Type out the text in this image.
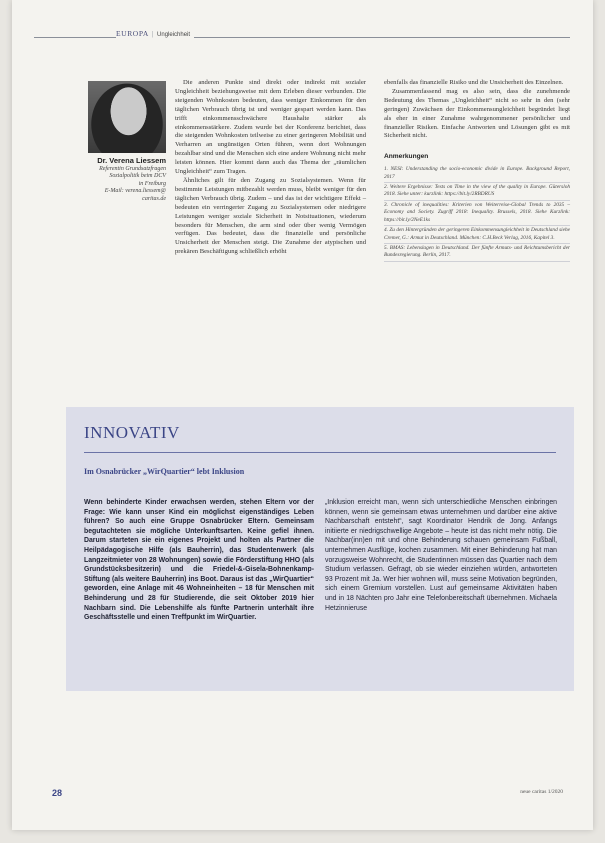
EUROPA | Ungleichheit
Dr. Verena Liessem
Referentin Grundsatzfragen
Sozialpolitik beim DCV
in Freiburg
E-Mail: verena.liessem@
caritas.de

Die anderen Punkte sind direkt oder indirekt mit sozialer Ungleichheit beziehungsweise mit dem Erleben dieser verbunden. Die steigenden Wohnkosten bedeuten, dass weniger Einkommen für den täglichen Verbrauch übrig ist und weniger gespart werden kann. Das trifft einkommensschwächere Haushalte stärker als einkommensstärkere. Zudem wurde bei der Konferenz berichtet, dass die steigenden Wohnkosten teilweise zu einer geringeren Mobilität und Verharren an ungünstigen Orten führen, wenn dort Wohnungen bezahlbar sind und die Menschen sich eine andere Wohnung nicht mehr leisten können. Hier kommt dann auch das Thema der „räumlichen Ungleichheit“ zum Tragen.

Ähnliches gilt für den Zugang zu Sozialsystemen. Wenn für bestimmte Leistungen mitbezahlt werden muss, bleibt weniger für den täglichen Verbrauch übrig. Zudem – und das ist der wichtigere Effekt – bedeuten ein verringerter Zugang zu Sozialsystemen oder niedrigere Leistungen weniger soziale Sicherheit in Notsituationen, wiederum besonders für Menschen, die arm sind oder über wenig Vermögen verfügen. Das bedeutet, dass die finanzielle und persönliche Unsicherheit der Menschen steigt. Die Zunahme der atypischen und prekären Beschäftigung schließlich erhöht

ebenfalls das finanzielle Risiko und die Unsicherheit des Einzelnen.

Zusammenfassend mag es also sein, dass die zunehmende Bedeutung des Themas „Ungleichheit“ nicht so sehr in den (sehr geringen) Zuwächsen der Einkommensungleichheit begründet liegt als eher in einer Zunahme wahrgenommener persönlicher und finanzieller Risiken. Einfache Antworten und Lösungen gibt es mit Sicherheit nicht.

Anmerkungen
1. NESI: Understanding the socio-economic divide in Europe. Background Report, 2017
2. Weitere Ergebnisse: Tests on Time in the view of the quality in Europe. Gütersloh 2018. Siehe unter: kurzlink: https://bit.ly/2RBDRUS
3. Chronicle of inequalities: Kriterien von Weiterreise-Global Trends to 2035 – Economy and Society. Zugriff 2018: Inequality. Brussels, 2018. Siehe Kurzlink: https://bit.ly/2NeE1ks
4. Zu den Hintergründen der geringeren Einkommensungleichheit in Deutschland siehe Cremer, G.: Armut in Deutschland. München: C.H.Beck Verlag, 2016, Kapitel 3.
5. BMAS: Lebenslagen in Deutschland. Der fünfte Armuts- und Reichtumsbericht der Bundesregierung. Berlin, 2017.
INNOVATIV
Im Osnabrücker „WirQuartier“ lebt Inklusion
Wenn behinderte Kinder erwachsen werden, stehen Eltern vor der Frage: Wie kann unser Kind ein möglichst eigenständiges Leben führen? So auch eine Gruppe Osnabrücker Eltern. Gemeinsam begutachteten sie mögliche Unterkunftsarten. Keine gefiel ihnen. Darum starteten sie ein eigenes Projekt und holten als Partner die Heilpädagogische Hilfe (als Bauherrin), das Studentenwerk (als Langzeitmieter von 28 Wohnungen) sowie die Förderstiftung HHO (als Grundstücksbesitzerin) und die Friedel-&-Gisela-Bohnenkamp-Stiftung (als weitere Bauherrin) ins Boot. Daraus ist das „WirQuartier“ geworden, eine Anlage mit 46 Wohneinheiten – 18 für Menschen mit Behinderung und 28 für Studierende, die seit Oktober 2019 hier Nachbarn sind. Die Lebenshilfe als fünfte Partnerin unterhält ihre Geschäftsstelle und einen Treffpunkt im WirQuartier.
„Inklusion erreicht man, wenn sich unterschiedliche Menschen einbringen können, wenn sie gemeinsam etwas unternehmen und darüber eine aktive Nachbarschaft entsteht“, sagt Koordinator Hendrik de Jong. Anfangs initiierte er niedrigschwellige Angebote – heute ist das nicht mehr nötig. Die Nachbar(inn)en mit und ohne Behinderung schauen gemeinsam Fußball, unternehmen Ausflüge, kochen zusammen. Mit einer Behinderung hat man vorzugsweise Wohnrecht, die Studentinnen müssen das Quartier nach dem Studium verlassen. Gefragt, ob sie wieder einziehen würden, antworteten 93 Prozent mit Ja. Wer hier wohnen will, muss seine Motivation begründen, sich einem Gremium vorstellen. Lust auf gemeinsame Aktivitäten haben und in 18 Nächten pro Jahr eine Telefonbereitschaft übernehmen. Michaela Hetzinnieruse
28	neue caritas 1/2020
